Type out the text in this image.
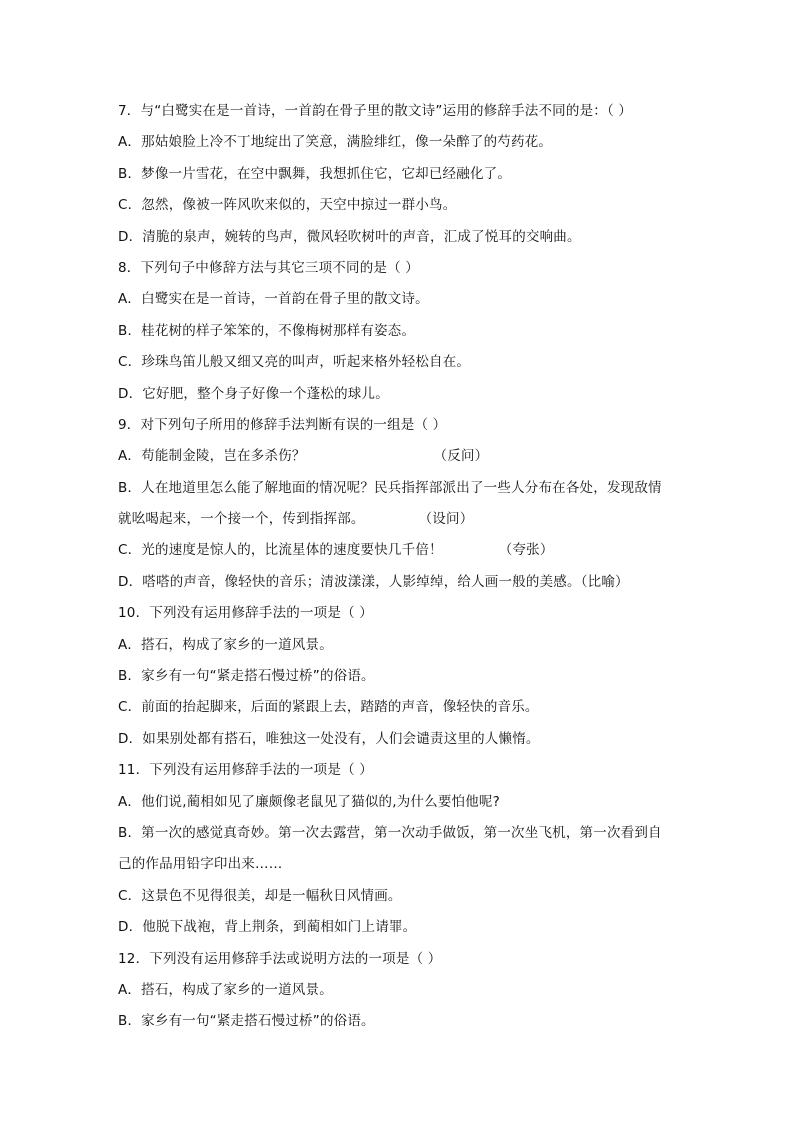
7．与“白鹭实在是一首诗，一首韵在骨子里的散文诗”运用的修辞手法不同的是：（ ）
A．那姑娘脸上冷不丁地绽出了笑意，满脸绯红，像一朵醉了的芍药花。
B．梦像一片雪花，在空中飘舞，我想抓住它，它却已经融化了。
C．忽然，像被一阵风吹来似的，天空中掠过一群小鸟。
D．清脆的泉声，婉转的鸟声，微风轻吹树叶的声音，汇成了悦耳的交响曲。
8．下列句子中修辞方法与其它三项不同的是（ ）
A．白鹭实在是一首诗，一首韵在骨子里的散文诗。
B．桂花树的样子笨笨的，不像梅树那样有姿态。
C．珍珠鸟笛儿般又细又亮的叫声，听起来格外轻松自在。
D．它好肥，整个身子好像一个蓬松的球儿。
9．对下列句子所用的修辞手法判断有误的一组是（ ）
A．苟能制金陵，岂在多杀伤？	（反问）
B．人在地道里怎么能了解地面的情况呢？民兵指挥部派出了一些人分布在各处，发现敌情
就吆喝起来，一个接一个，传到指挥部。	（设问）
C．光的速度是惊人的，比流星体的速度要快几千倍！	（夸张）
D．嗒嗒的声音，像轻快的音乐；清波漾漾，人影绰绰，给人画一般的美感。（比喻）
10．下列没有运用修辞手法的一项是（ ）
A．搭石，构成了家乡的一道风景。
B．家乡有一句“紧走搭石慢过桥”的俗语。
C．前面的抬起脚来，后面的紧跟上去，踏踏的声音，像轻快的音乐。
D．如果别处都有搭石，唯独这一处没有，人们会谴责这里的人懒惰。
11．下列没有运用修辞手法的一项是（ ）
A．他们说,蔺相如见了廉颇像老鼠见了猫似的,为什么要怕他呢?
B．第一次的感觉真奇妙。第一次去露营，第一次动手做饭，第一次坐飞机，第一次看到自
己的作品用铅字印出来……
C．这景色不见得很美，却是一幅秋日风情画。
D．他脱下战袍，背上荆条，到蔺相如门上请罪。
12．下列没有运用修辞手法或说明方法的一项是（ ）
A．搭石，构成了家乡的一道风景。
B．家乡有一句“紧走搭石慢过桥”的俗语。
